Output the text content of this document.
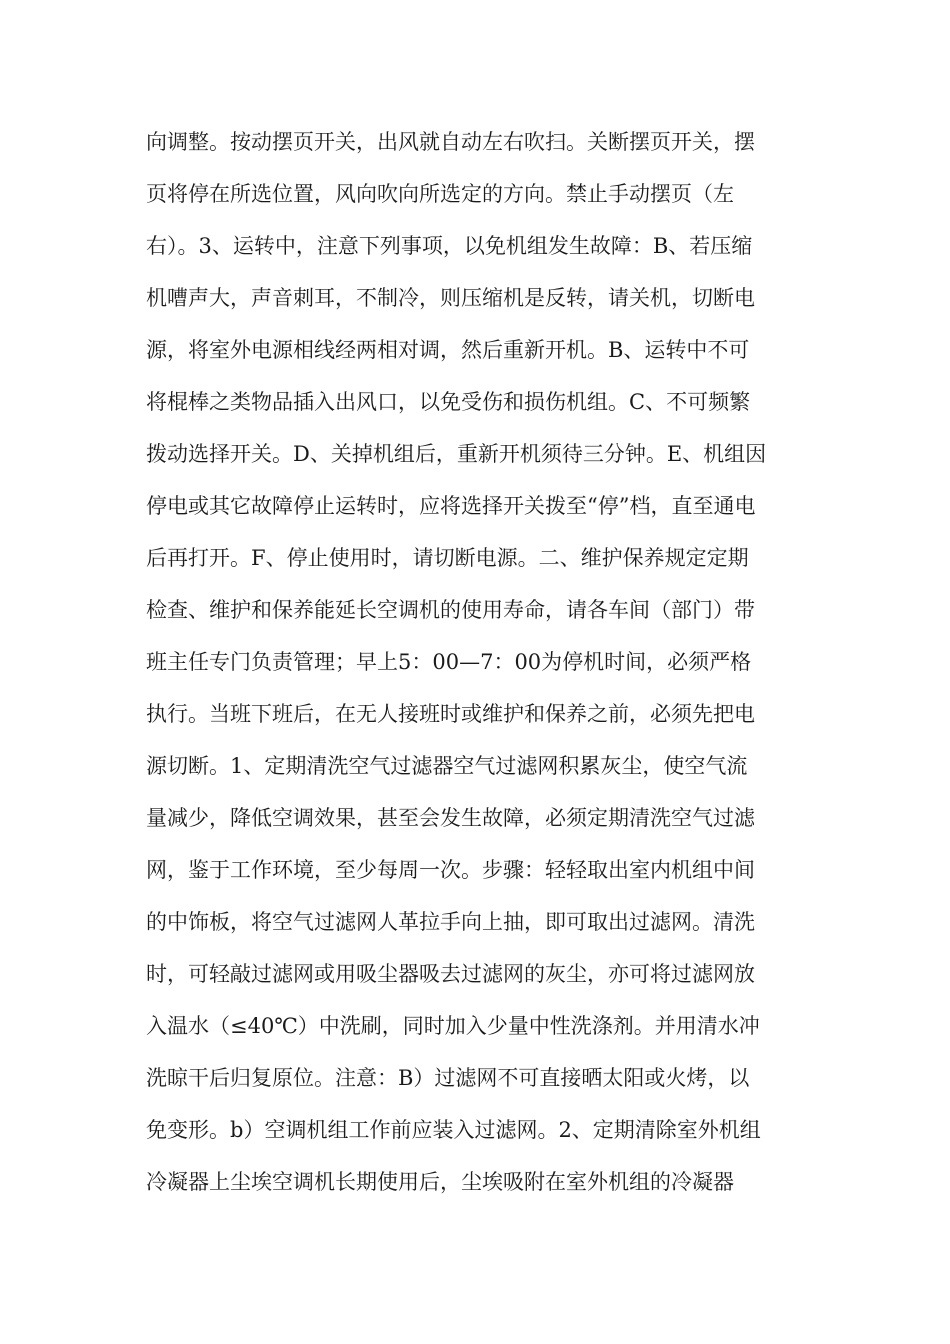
向调整。按动摆页开关，出风就自动左右吹扫。关断摆页开关，摆
页将停在所选位置，风向吹向所选定的方向。禁止手动摆页（左
右）。3、运转中，注意下列事项，以免机组发生故障：B、若压缩
机嘈声大，声音刺耳，不制冷，则压缩机是反转，请关机，切断电
源，将室外电源相线经两相对调，然后重新开机。B、运转中不可
将棍棒之类物品插入出风口，以免受伤和损伤机组。C、不可频繁
拨动选择开关。D、关掉机组后，重新开机须待三分钟。E、机组因
停电或其它故障停止运转时，应将选择开关拨至“停”档，直至通电
后再打开。F、停止使用时，请切断电源。二、维护保养规定定期
检查、维护和保养能延长空调机的使用寿命，请各车间（部门）带
班主任专门负责管理；早上5：00—7：00为停机时间，必须严格
执行。当班下班后，在无人接班时或维护和保养之前，必须先把电
源切断。1、定期清洗空气过滤器空气过滤网积累灰尘，使空气流
量减少，降低空调效果，甚至会发生故障，必须定期清洗空气过滤
网，鉴于工作环境，至少每周一次。步骤：轻轻取出室内机组中间
的中饰板，将空气过滤网人革拉手向上抽，即可取出过滤网。清洗
时，可轻敲过滤网或用吸尘器吸去过滤网的灰尘，亦可将过滤网放
入温水（≤40℃）中洗刷，同时加入少量中性洗涤剂。并用清水冲
洗晾干后归复原位。注意：B）过滤网不可直接晒太阳或火烤，以
免变形。b）空调机组工作前应装入过滤网。2、定期清除室外机组
冷凝器上尘埃空调机长期使用后，尘埃吸附在室外机组的冷凝器
